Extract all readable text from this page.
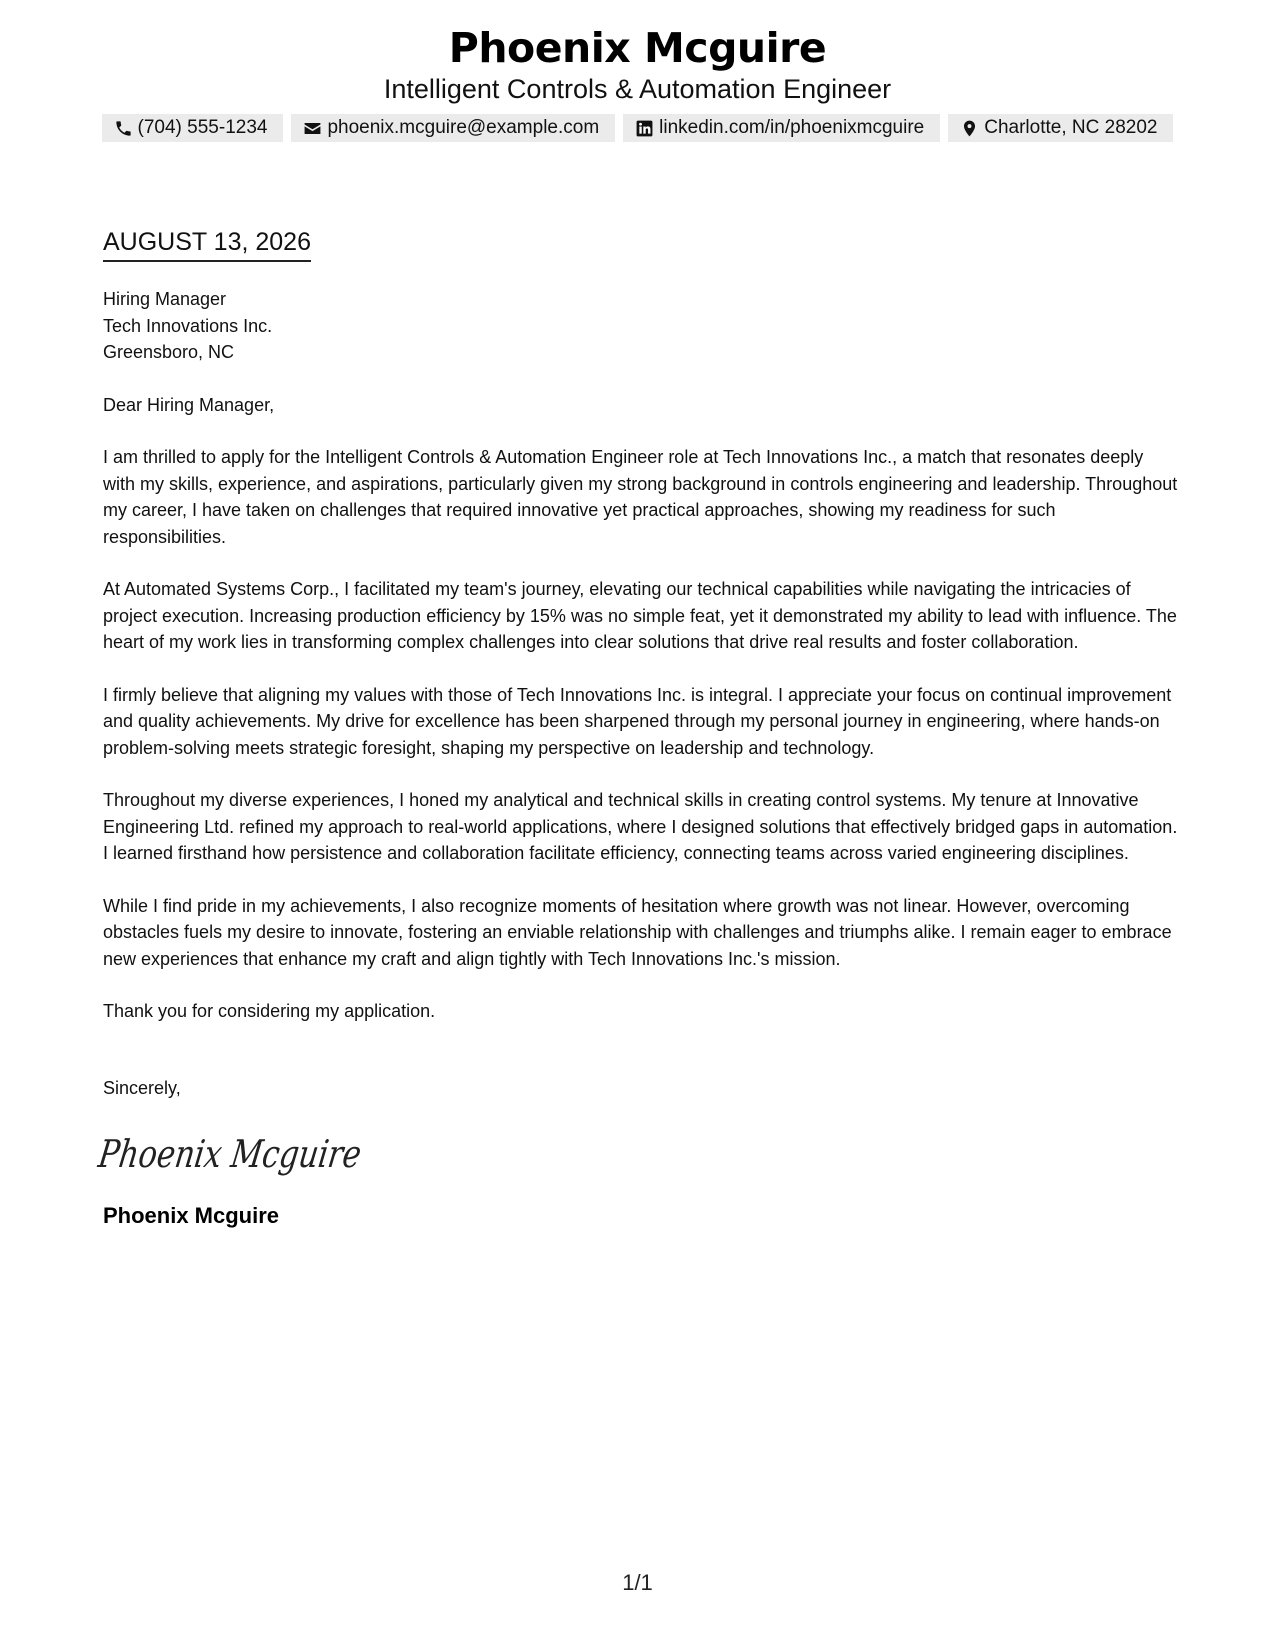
Phoenix Mcguire
Intelligent Controls & Automation Engineer
(704) 555-1234	phoenix.mcguire@example.com	linkedin.com/in/phoenixmcguire	Charlotte, NC 28202
AUGUST 13, 2026
Hiring Manager
Tech Innovations Inc.
Greensboro, NC

Dear Hiring Manager,

I am thrilled to apply for the Intelligent Controls & Automation Engineer role at Tech Innovations Inc., a match that resonates deeply with my skills, experience, and aspirations, particularly given my strong background in controls engineering and leadership. Throughout my career, I have taken on challenges that required innovative yet practical approaches, showing my readiness for such responsibilities.

At Automated Systems Corp., I facilitated my team's journey, elevating our technical capabilities while navigating the intricacies of project execution. Increasing production efficiency by 15% was no simple feat, yet it demonstrated my ability to lead with influence. The heart of my work lies in transforming complex challenges into clear solutions that drive real results and foster collaboration.

I firmly believe that aligning my values with those of Tech Innovations Inc. is integral. I appreciate your focus on continual improvement and quality achievements. My drive for excellence has been sharpened through my personal journey in engineering, where hands-on problem-solving meets strategic foresight, shaping my perspective on leadership and technology.

Throughout my diverse experiences, I honed my analytical and technical skills in creating control systems. My tenure at Innovative Engineering Ltd. refined my approach to real-world applications, where I designed solutions that effectively bridged gaps in automation. I learned firsthand how persistence and collaboration facilitate efficiency, connecting teams across varied engineering disciplines.

While I find pride in my achievements, I also recognize moments of hesitation where growth was not linear. However, overcoming obstacles fuels my desire to innovate, fostering an enviable relationship with challenges and triumphs alike. I remain eager to embrace new experiences that enhance my craft and align tightly with Tech Innovations Inc.'s mission.

Thank you for considering my application.

Sincerely,
Phoenix Mcguire
Phoenix Mcguire
1/1
